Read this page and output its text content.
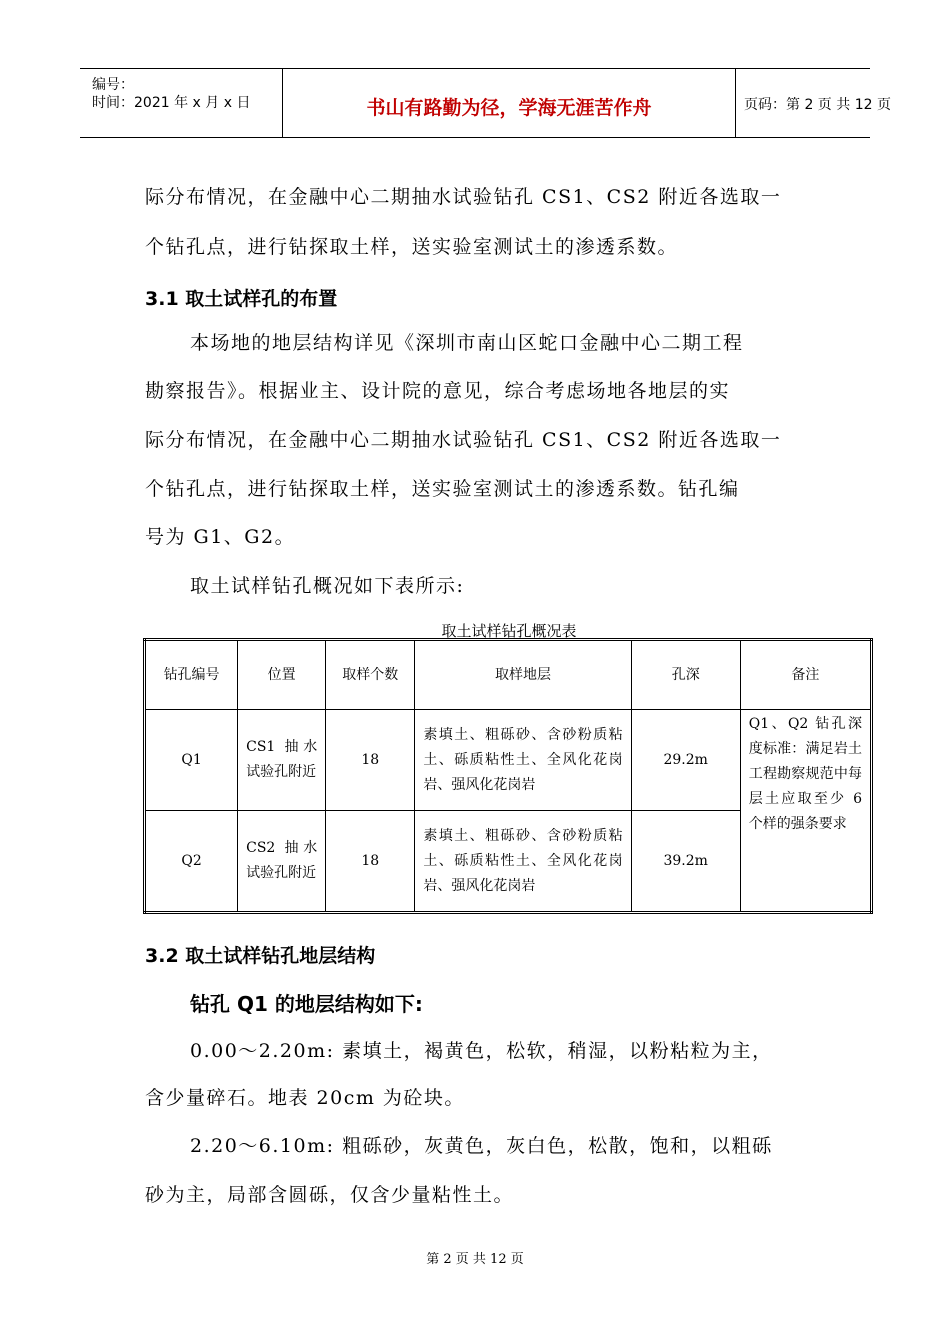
编号：
时间：2021 年 x 月 x 日	书山有路勤为径，学海无涯苦作舟	页码：第 2 页 共 12 页
际分布情况，在金融中心二期抽水试验钻孔 CS1、CS2 附近各选取一
个钻孔点，进行钻探取土样，送实验室测试土的渗透系数。
3.1 取土试样孔的布置
本场地的地层结构详见《深圳市南山区蛇口金融中心二期工程
勘察报告》。根据业主、设计院的意见，综合考虑场地各地层的实
际分布情况，在金融中心二期抽水试验钻孔 CS1、CS2 附近各选取一
个钻孔点，进行钻探取土样，送实验室测试土的渗透系数。钻孔编
号为 G1、G2。
取土试样钻孔概况如下表所示:
取土试样钻孔概况表
钻孔编号	位置	取样个数	取样地层	孔深	备注
Q1	CS1 抽水试验孔附近	18	素填土、粗砾砂、含砂粉质粘土、砾质粘性土、全风化花岗岩、强风化花岗岩	29.2m	Q1、Q2 钻孔深度标准：满足岩土工程勘察规范中每层土应取至少 6 个样的强条要求
Q2	CS2 抽水试验孔附近	18	素填土、粗砾砂、含砂粉质粘土、砾质粘性土、全风化花岗岩、强风化花岗岩	39.2m	
3.2 取土试样钻孔地层结构
钻孔 Q1 的地层结构如下:
0.00～2.20m: 素填土，褐黄色，松软，稍湿，以粉粘粒为主，
含少量碎石。地表 20cm 为砼块。
2.20～6.10m: 粗砾砂，灰黄色，灰白色，松散，饱和，以粗砾
砂为主，局部含圆砾，仅含少量粘性土。
第 2 页 共 12 页
